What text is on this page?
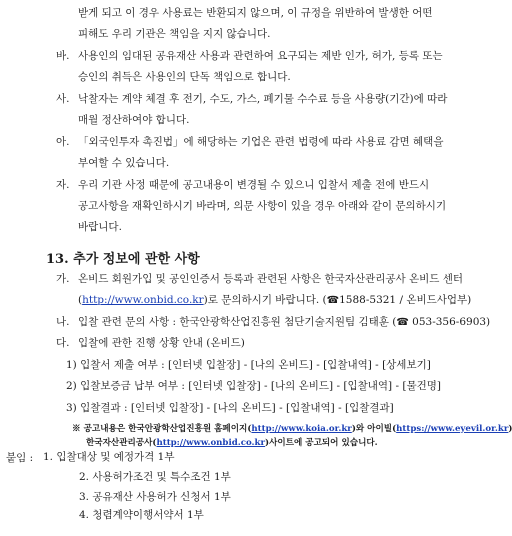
받게 되고 이 경우 사용료는 반환되지 않으며, 이 규정을 위반하여 발생한 어떤
피해도 우리 기관은 책임을 지지 않습니다.
바. 사용인의 임대된 공유재산 사용과 관련하여 요구되는 제반 인가, 허가, 등록 또는
승인의 취득은 사용인의 단독 책임으로 합니다.
사. 낙찰자는 계약 체결 후 전기, 수도, 가스, 폐기물 수수료 등을 사용량(기간)에 따라
매월 정산하여야 합니다.
아. 「외국인투자 촉진법」에 해당하는 기업은 관련 법령에 따라 사용료 감면 혜택을
부여할 수 있습니다.
자. 우리 기관 사정 때문에 공고내용이 변경될 수 있으니 입찰서 제출 전에 반드시
공고사항을 재확인하시기 바라며, 의문 사항이 있을 경우 아래와 같이 문의하시기
바랍니다.
13. 추가 정보에 관한 사항
가. 온비드 회원가입 및 공인인증서 등록과 관련된 사항은 한국자산관리공사 온비드 센터
(http://www.onbid.co.kr)로 문의하시기 바랍니다. (☎1588-5321 / 온비드사업부)
나. 입찰 관련 문의 사항 : 한국안광학산업진흥원 첨단기술지원팀 김태훈 (☎ 053-356-6903)
다. 입찰에 관한 진행 상황 안내 (온비드)
1) 입찰서 제출 여부 : [인터넷 입찰장] - [나의 온비드] - [입찰내역] - [상세보기]
2) 입찰보증금 납부 여부 : [인터넷 입찰장] - [나의 온비드] - [입찰내역] - [물건명]
3) 입찰결과 : [인터넷 입찰장] - [나의 온비드] - [입찰내역] - [입찰결과]
※ 공고내용은 한국안광학산업진흥원 홈페이지(http://www.koia.or.kr)와 아이빌(https://www.eyevil.or.kr
한국자산관리공사(http://www.onbid.co.kr)사이트에 공고되어 있습니다.
붙임 : 1. 입찰대상 및 예정가격 1부
2. 사용허가조건 및 특수조건 1부
3. 공유재산 사용허가 신청서 1부
4. 청렴계약이행서약서 1부
